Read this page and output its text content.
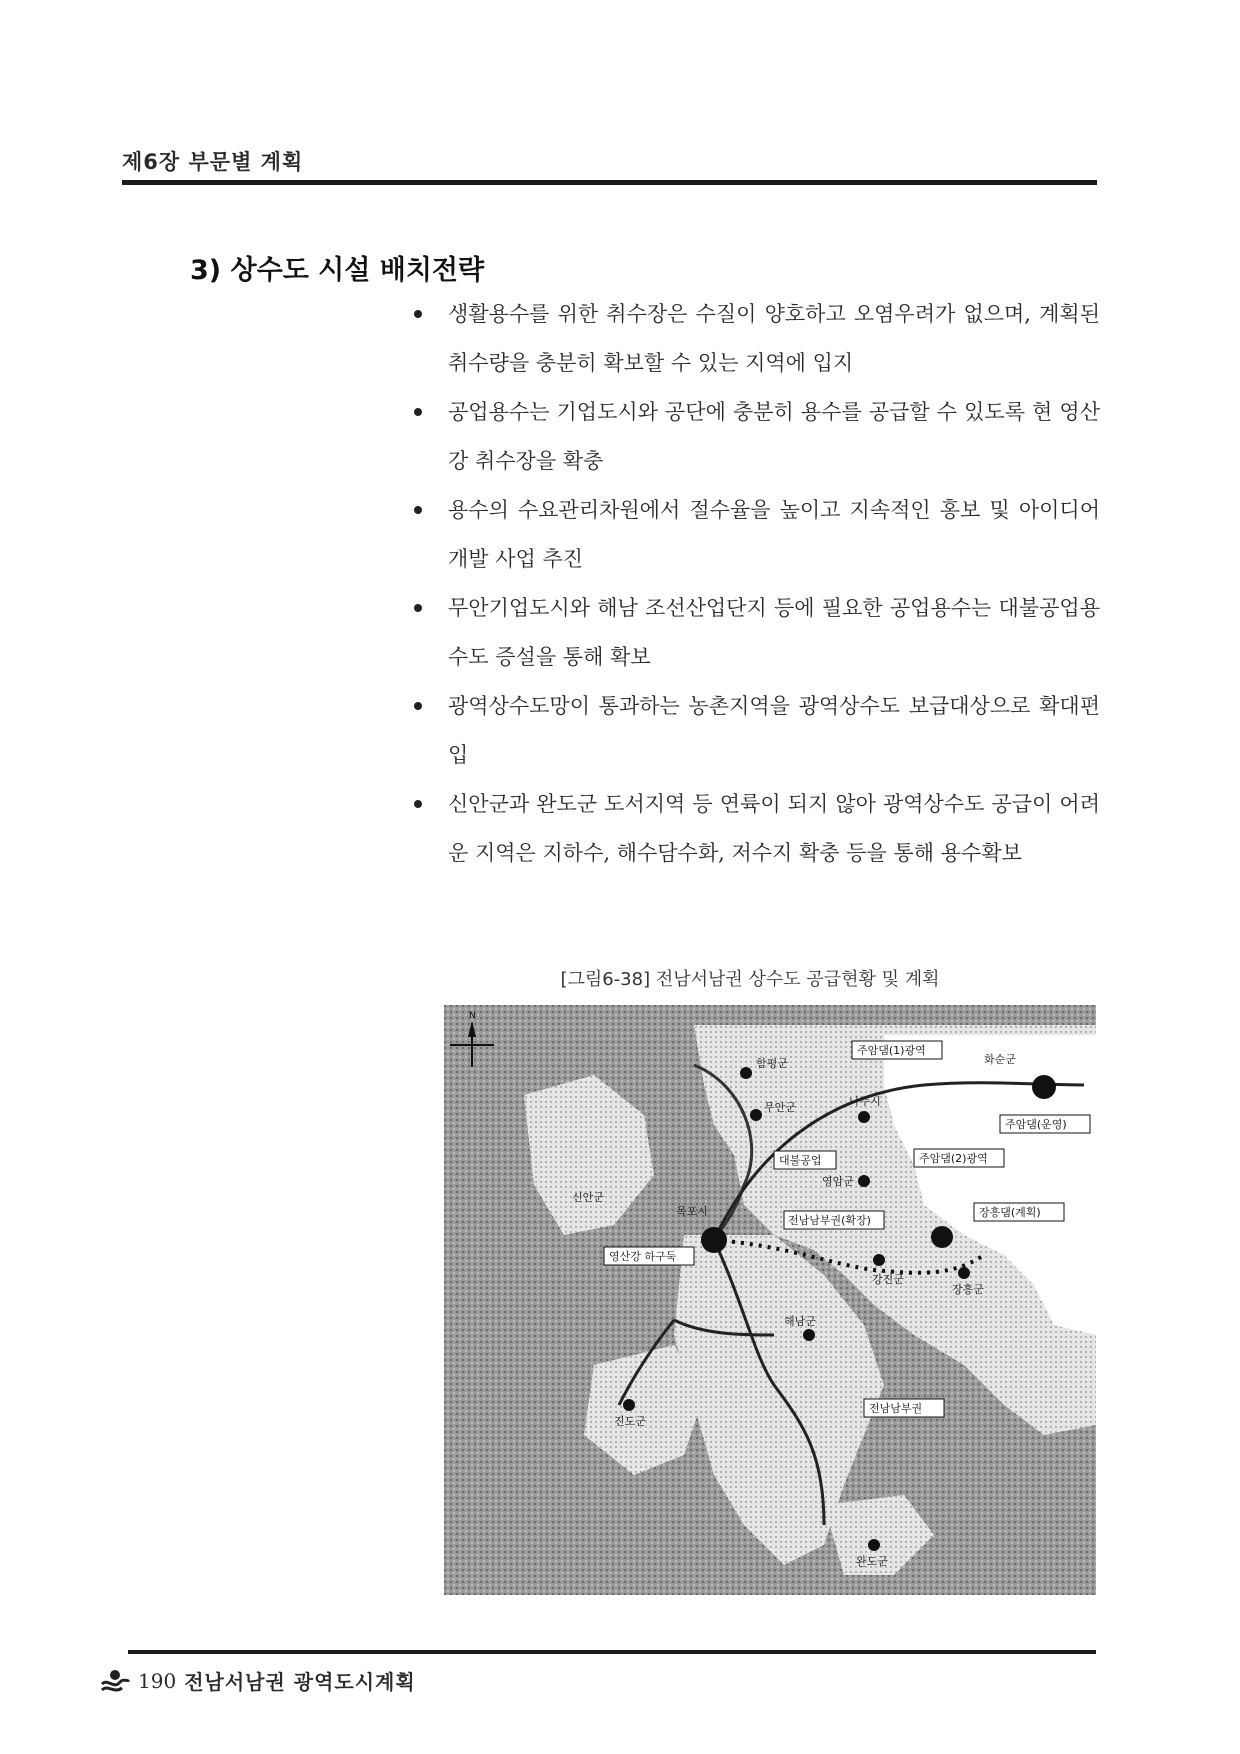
제6장 부문별 계획
3) 상수도 시설 배치전략
생활용수를 위한 취수장은 수질이 양호하고 오염우려가 없으며, 계획된 취수량을 충분히 확보할 수 있는 지역에 입지
공업용수는 기업도시와 공단에 충분히 용수를 공급할 수 있도록 현 영산강 취수장을 확충
용수의 수요관리차원에서 절수율을 높이고 지속적인 홍보 및 아이디어 개발 사업 추진
무안기업도시와 해남 조선산업단지 등에 필요한 공업용수는 대불공업용수도 증설을 통해 확보
광역상수도망이 통과하는 농촌지역을 광역상수도 보급대상으로 확대편입
신안군과 완도군 도서지역 등 연륙이 되지 않아 광역상수도 공급이 어려운 지역은 지하수, 해수담수화, 저수지 확충 등을 통해 용수확보
[그림6-38] 전남서남권 상수도 공급현황 및 계획
N
함평군
무안군	나주시
화순군
영암군
신안군
목포시
강진군
장흥군
해남군
진도군
완도군
주암댐(1)광역
주암댐(운영)
주암댐(2)광역
대불공업
전남남부권(확장)
장흥댐(계획)
영산강 하구둑
전남남부권
190 전남서남권 광역도시계획
